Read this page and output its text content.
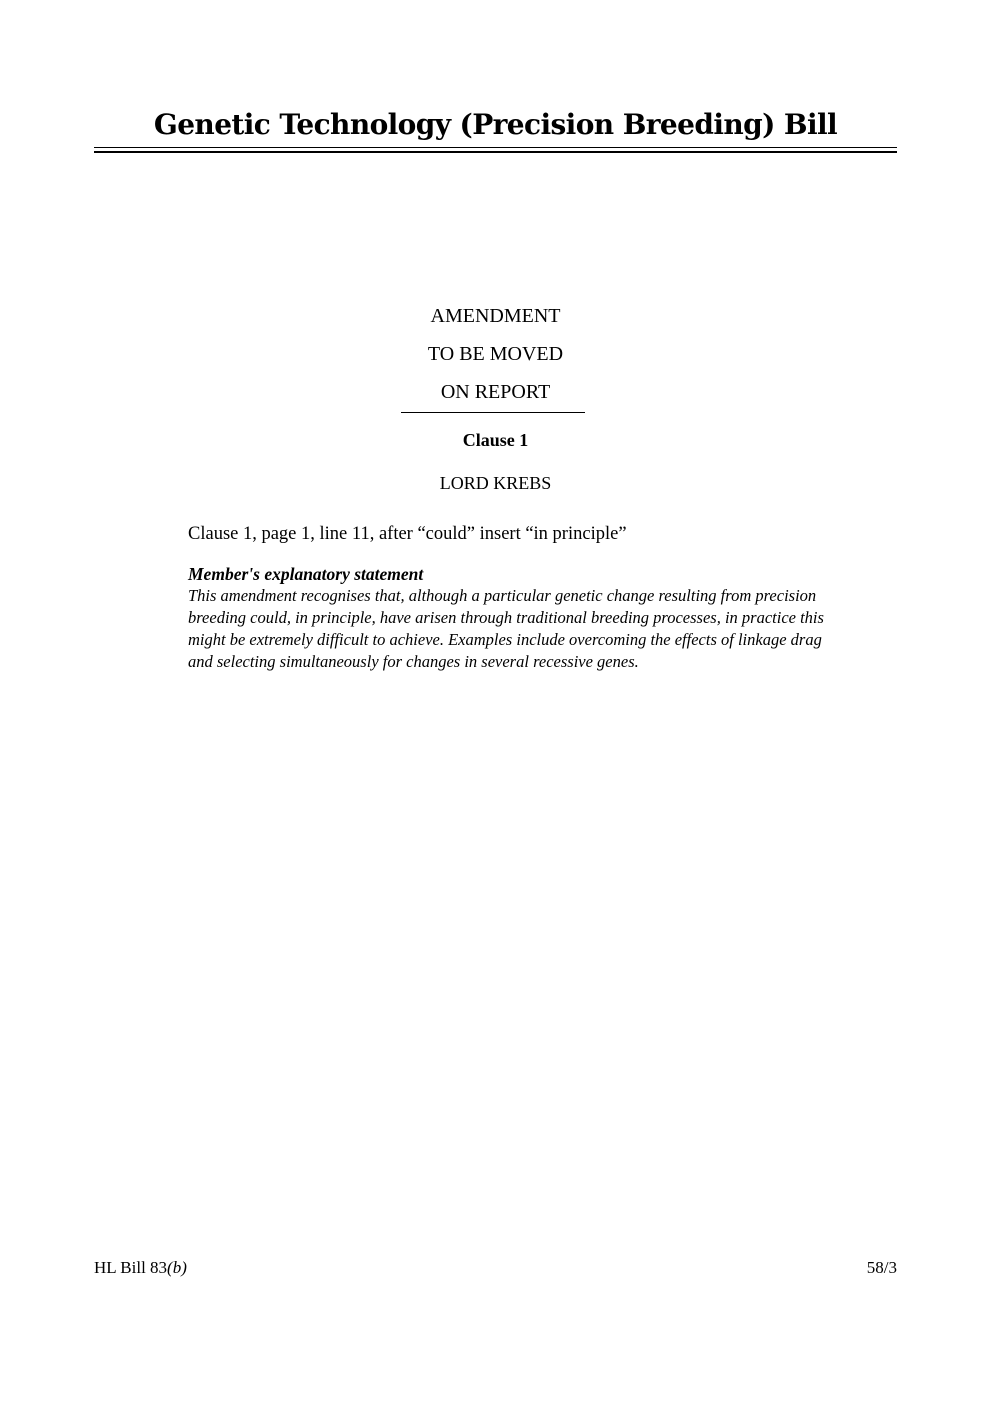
Genetic Technology (Precision Breeding) Bill
AMENDMENT
TO BE MOVED
ON REPORT
Clause 1
LORD KREBS
Clause 1, page 1, line 11, after “could” insert “in principle”
Member's explanatory statement
This amendment recognises that, although a particular genetic change resulting from precision
breeding could, in principle, have arisen through traditional breeding processes, in practice this
might be extremely difficult to achieve. Examples include overcoming the effects of linkage drag
and selecting simultaneously for changes in several recessive genes.
HL Bill 83(b)	58/3
